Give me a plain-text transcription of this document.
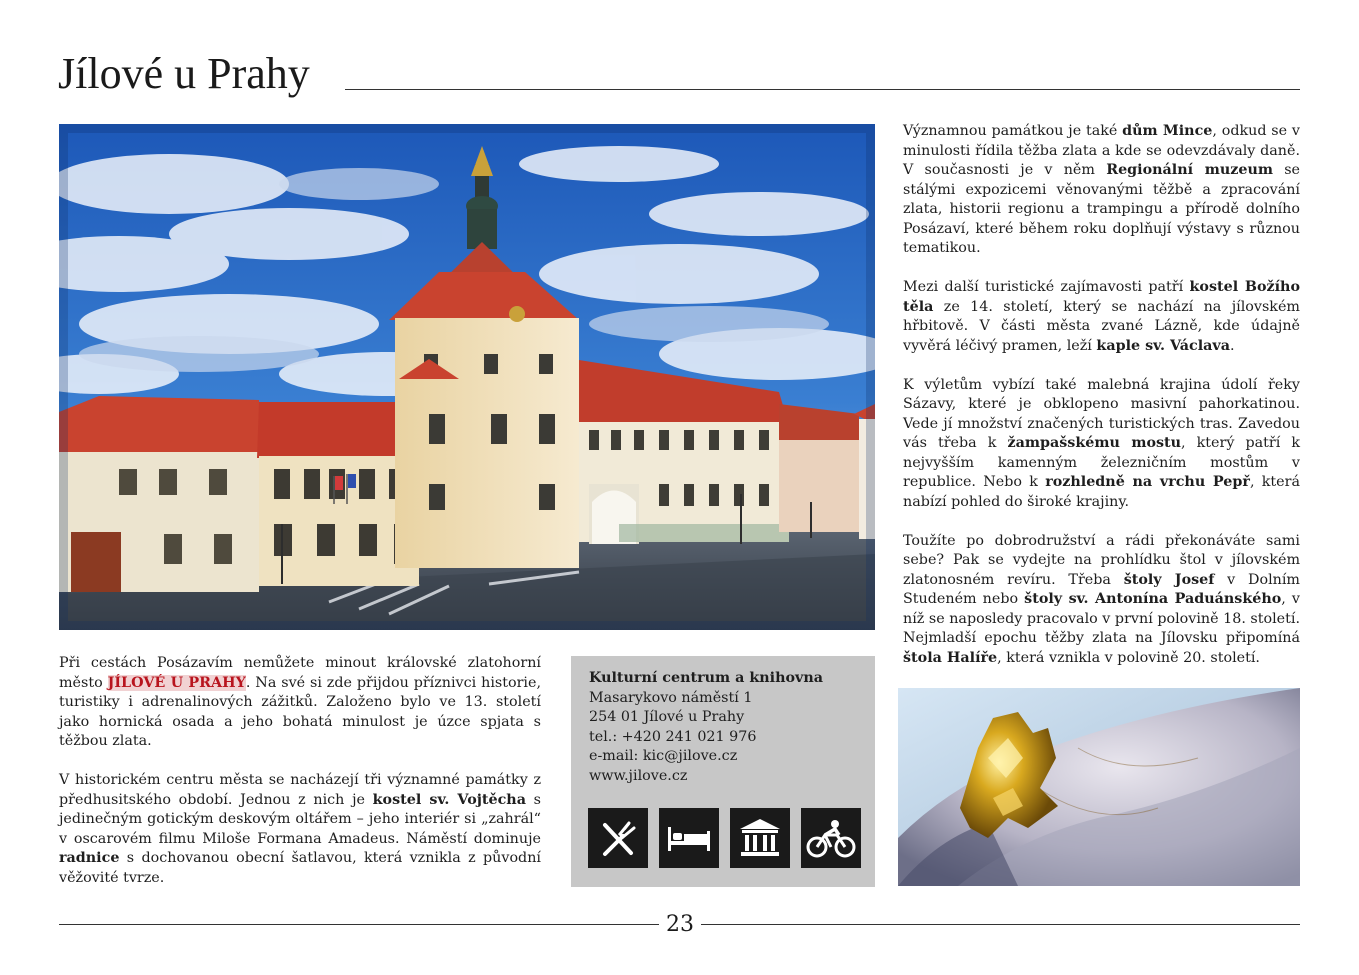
Jílové u Prahy

Při cestách Posázavím nemůžete minout královské zlatohorní město JÍLOVÉ U PRAHY. Na své si zde přijdou příznivci historie, turistiky i adrenalinových zážitků. Založeno bylo ve 13. století jako hornická osada a jeho bohatá minulost je úzce spjata s těžbou zlata.

V historickém centru města se nacházejí tři významné památky z předhusitského období. Jednou z nich je kostel sv. Vojtěcha s jedinečným gotickým deskovým oltářem – jeho interiér si „zahrál“ v oscarovém filmu Miloše Formana Amadeus. Náměstí dominuje radnice s dochovanou obecní šatlavou, která vznikla z původní věžovité tvrze.

Kulturní centrum a knihovna
Masarykovo náměstí 1
254 01 Jílové u Prahy
tel.: +420 241 021 976
e-mail: kic@jilove.cz
www.jilove.cz

Významnou památkou je také dům Mince, odkud se v minulosti řídila těžba zlata a kde se odevzdávaly daně. V současnosti je v něm Regionální muzeum se stálými expozicemi věnovanými těžbě a zpracování zlata, historii regionu a trampingu a přírodě dolního Posázaví, které během roku doplňují výstavy s různou tematikou.

Mezi další turistické zajímavosti patří kostel Božího těla ze 14. století, který se nachází na jílovském hřbitově. V části města zvané Lázně, kde údajně vyvěrá léčivý pramen, leží kaple sv. Václava.

K výletům vybízí také malebná krajina údolí řeky Sázavy, které je obklopeno masivní pahorkatinou. Vede jí množství značených turistických tras. Zavedou vás třeba k žampašskému mostu, který patří k nejvyšším kamenným železničním mostům v republice. Nebo k rozhledně na vrchu Pepř, která nabízí pohled do široké krajiny.

Toužíte po dobrodružství a rádi překonáváte sami sebe? Pak se vydejte na prohlídku štol v jílovském zlatonosném revíru. Třeba štoly Josef v Dolním Studeném nebo štoly sv. Antonína Paduánského, v níž se naposledy pracovalo v první polovině 18. století. Nejmladší epochu těžby zlata na Jílovsku připomíná štola Halíře, která vznikla v polovině 20. století.

23
